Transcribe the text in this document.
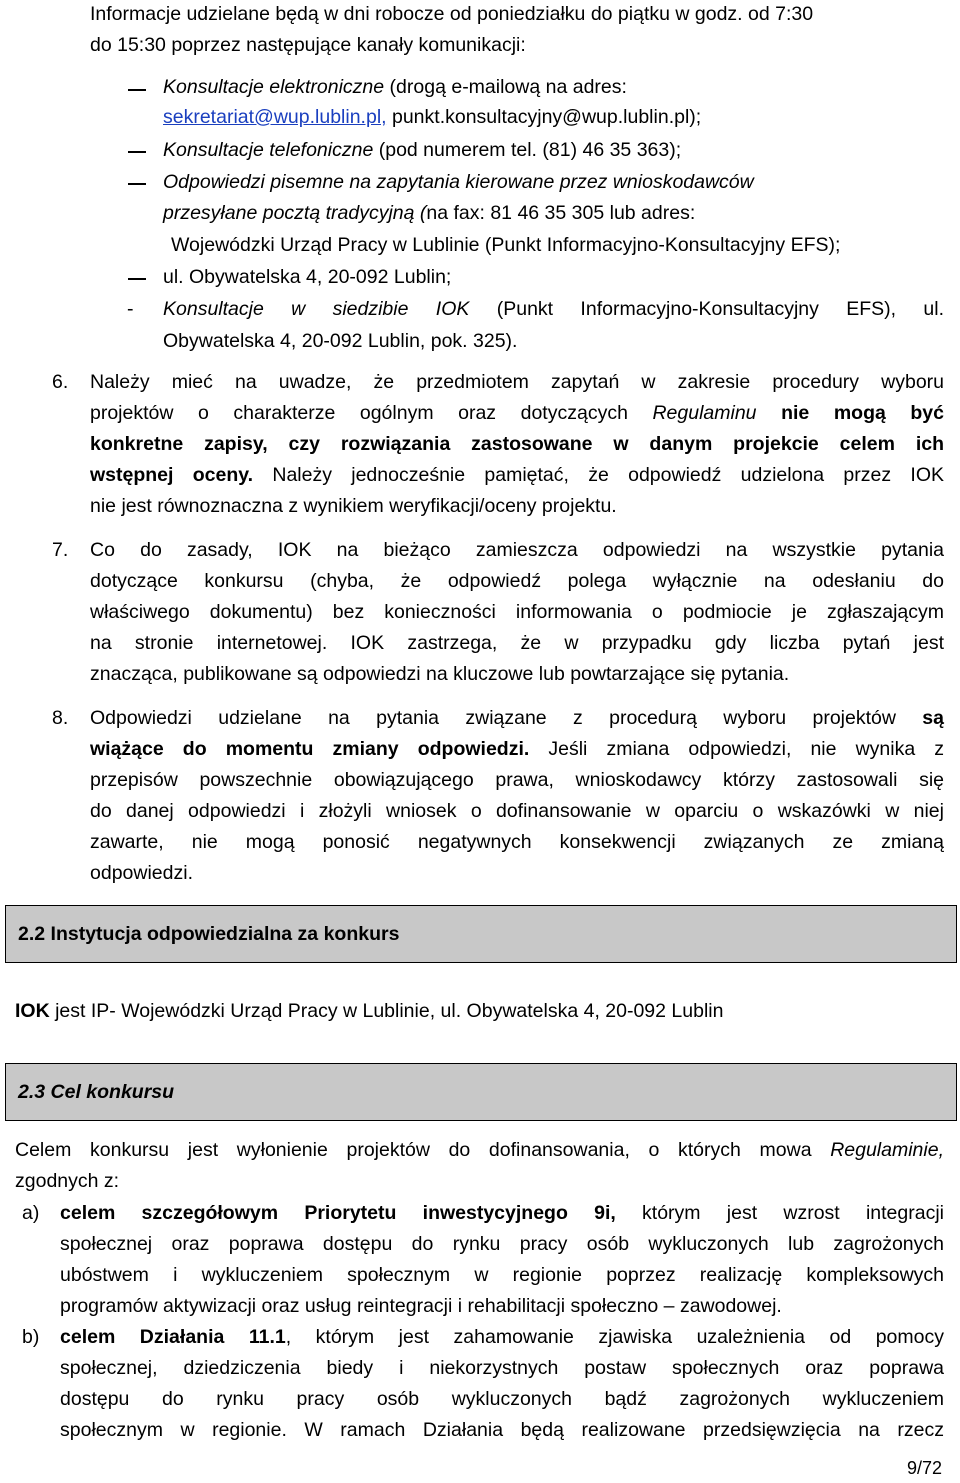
Informacje udzielane będą w dni robocze od poniedziałku do piątku w godz. od 7:30
do 15:30 poprzez następujące kanały komunikacji:
Konsultacje elektroniczne (drogą e-mailową na adres:
sekretariat@wup.lublin.pl, punkt.konsultacyjny@wup.lublin.pl);
Konsultacje telefoniczne (pod numerem tel. (81) 46 35 363);
Odpowiedzi pisemne na zapytania kierowane przez wnioskodawców
przesyłane pocztą tradycyjną (na fax: 81 46 35 305 lub adres:
Wojewódzki Urząd Pracy w Lublinie (Punkt Informacyjno-Konsultacyjny EFS);
ul. Obywatelska 4, 20-092 Lublin;
- Konsultacje w siedzibie IOK (Punkt Informacyjno-Konsultacyjny EFS), ul.
Obywatelska 4, 20-092 Lublin, pok. 325).
6. Należy mieć na uwadze, że przedmiotem zapytań w zakresie procedury wyboru
projektów o charakterze ogólnym oraz dotyczących Regulaminu nie mogą być
konkretne zapisy, czy rozwiązania zastosowane w danym projekcie celem ich
wstępnej oceny. Należy jednocześnie pamiętać, że odpowiedź udzielona przez IOK
nie jest równoznaczna z wynikiem weryfikacji/oceny projektu.
7. Co do zasady, IOK na bieżąco zamieszcza odpowiedzi na wszystkie pytania
dotyczące konkursu (chyba, że odpowiedź polega wyłącznie na odesłaniu do
właściwego dokumentu) bez konieczności informowania o podmiocie je zgłaszającym
na stronie internetowej. IOK zastrzega, że w przypadku gdy liczba pytań jest
znacząca, publikowane są odpowiedzi na kluczowe lub powtarzające się pytania.
8. Odpowiedzi udzielane na pytania związane z procedurą wyboru projektów są
wiążące do momentu zmiany odpowiedzi. Jeśli zmiana odpowiedzi, nie wynika z
przepisów powszechnie obowiązującego prawa, wnioskodawcy którzy zastosowali się
do danej odpowiedzi i złożyli wniosek o dofinansowanie w oparciu o wskazówki w niej
zawarte, nie mogą ponosić negatywnych konsekwencji związanych ze zmianą
odpowiedzi.
2.2 Instytucja odpowiedzialna za konkurs
IOK jest IP- Wojewódzki Urząd Pracy w Lublinie, ul. Obywatelska 4, 20-092 Lublin
2.3 Cel konkursu
Celem konkursu jest wyłonienie projektów do dofinansowania, o których mowa Regulaminie,
zgodnych z:
a) celem szczegółowym Priorytetu inwestycyjnego 9i, którym jest wzrost integracji
społecznej oraz poprawa dostępu do rynku pracy osób wykluczonych lub zagrożonych
ubóstwem i wykluczeniem społecznym w regionie poprzez realizację kompleksowych
programów aktywizacji oraz usług reintegracji i rehabilitacji społeczno – zawodowej.
b) celem Działania 11.1, którym jest zahamowanie zjawiska uzależnienia od pomocy
społecznej, dziedziczenia biedy i niekorzystnych postaw społecznych oraz poprawa
dostępu do rynku pracy osób wykluczonych bądź zagrożonych wykluczeniem
społecznym w regionie. W ramach Działania będą realizowane przedsięwzięcia na rzecz
9/72
